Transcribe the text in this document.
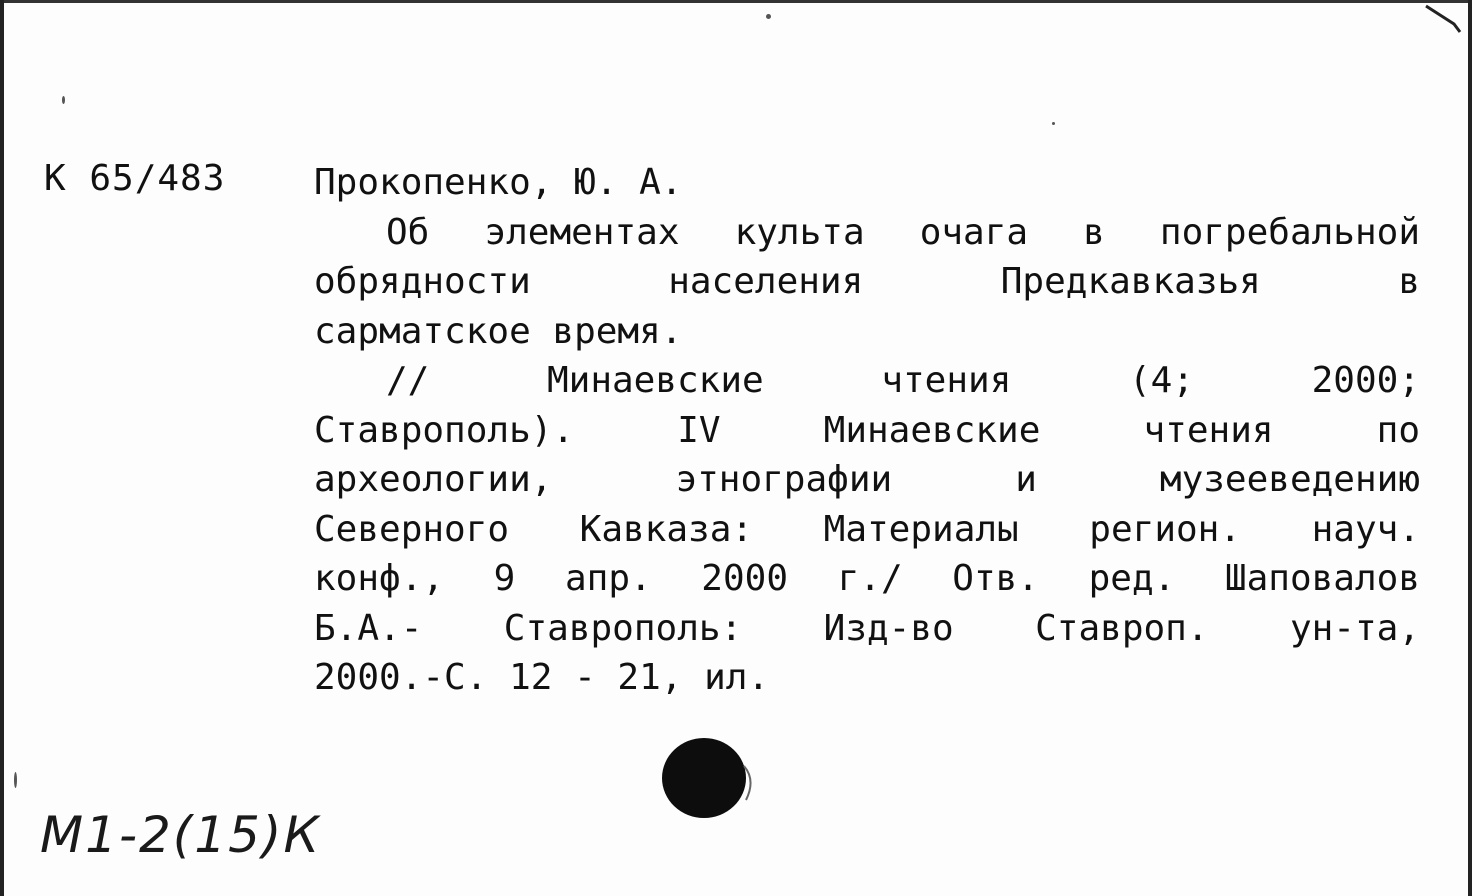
К 65/483 Прокопенко, Ю. А.
Об элементах культа очага в погребальной
обрядности населения Предкавказья в
сарматское время.
// Минаевские чтения (4; 2000;
Ставрополь). IV Минаевские чтения по
археологии, этнографии и музееведению
Северного Кавказа: Материалы регион. науч.
конф., 9 апр. 2000 г./ Отв. ред. Шаповалов
Б.А.- Ставрополь: Изд-во Ставроп. ун-та,
2000.-С. 12 - 21, ил.
М1-2(15)К
